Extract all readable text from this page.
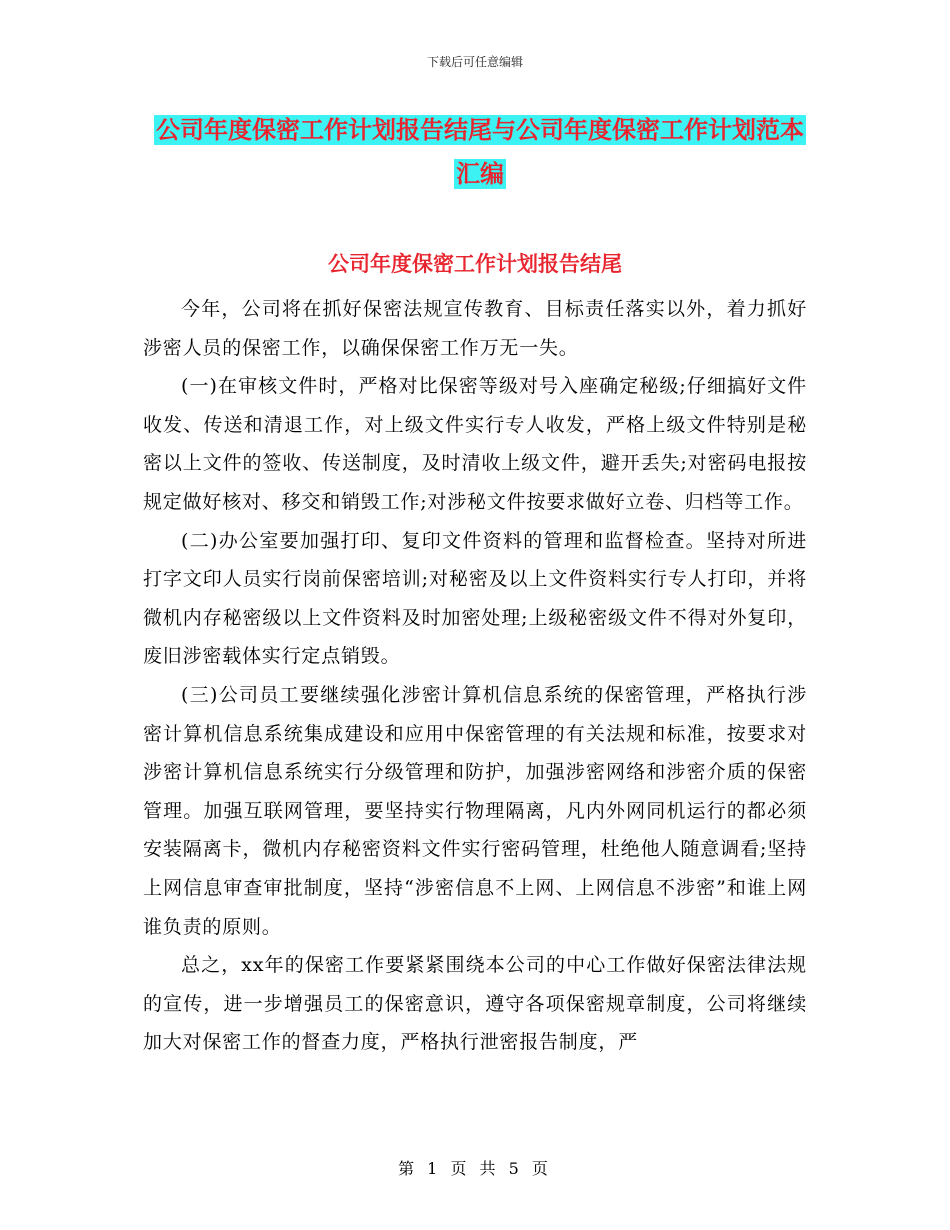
下载后可任意编辑
公司年度保密工作计划报告结尾与公司年度保密工作计划范本汇编
公司年度保密工作计划报告结尾

今年，公司将在抓好保密法规宣传教育、目标责任落实以外，着力抓好涉密人员的保密工作，以确保保密工作万无一失。

(一)在审核文件时，严格对比保密等级对号入座确定秘级;仔细搞好文件收发、传送和清退工作，对上级文件实行专人收发，严格上级文件特别是秘密以上文件的签收、传送制度，及时清收上级文件，避开丢失;对密码电报按规定做好核对、移交和销毁工作;对涉秘文件按要求做好立卷、归档等工作。

(二)办公室要加强打印、复印文件资料的管理和监督检查。坚持对所进打字文印人员实行岗前保密培训;对秘密及以上文件资料实行专人打印，并将微机内存秘密级以上文件资料及时加密处理;上级秘密级文件不得对外复印，废旧涉密载体实行定点销毁。

(三)公司员工要继续强化涉密计算机信息系统的保密管理，严格执行涉密计算机信息系统集成建设和应用中保密管理的有关法规和标准，按要求对涉密计算机信息系统实行分级管理和防护，加强涉密网络和涉密介质的保密管理。加强互联网管理，要坚持实行物理隔离，凡内外网同机运行的都必须安装隔离卡，微机内存秘密资料文件实行密码管理，杜绝他人随意调看;坚持上网信息审查审批制度，坚持“涉密信息不上网、上网信息不涉密”和谁上网谁负责的原则。

总之，xx年的保密工作要紧紧围绕本公司的中心工作做好保密法律法规的宣传，进一步增强员工的保密意识，遵守各项保密规章制度，公司将继续加大对保密工作的督查力度，严格执行泄密报告制度，严

第 1 页 共 5 页
